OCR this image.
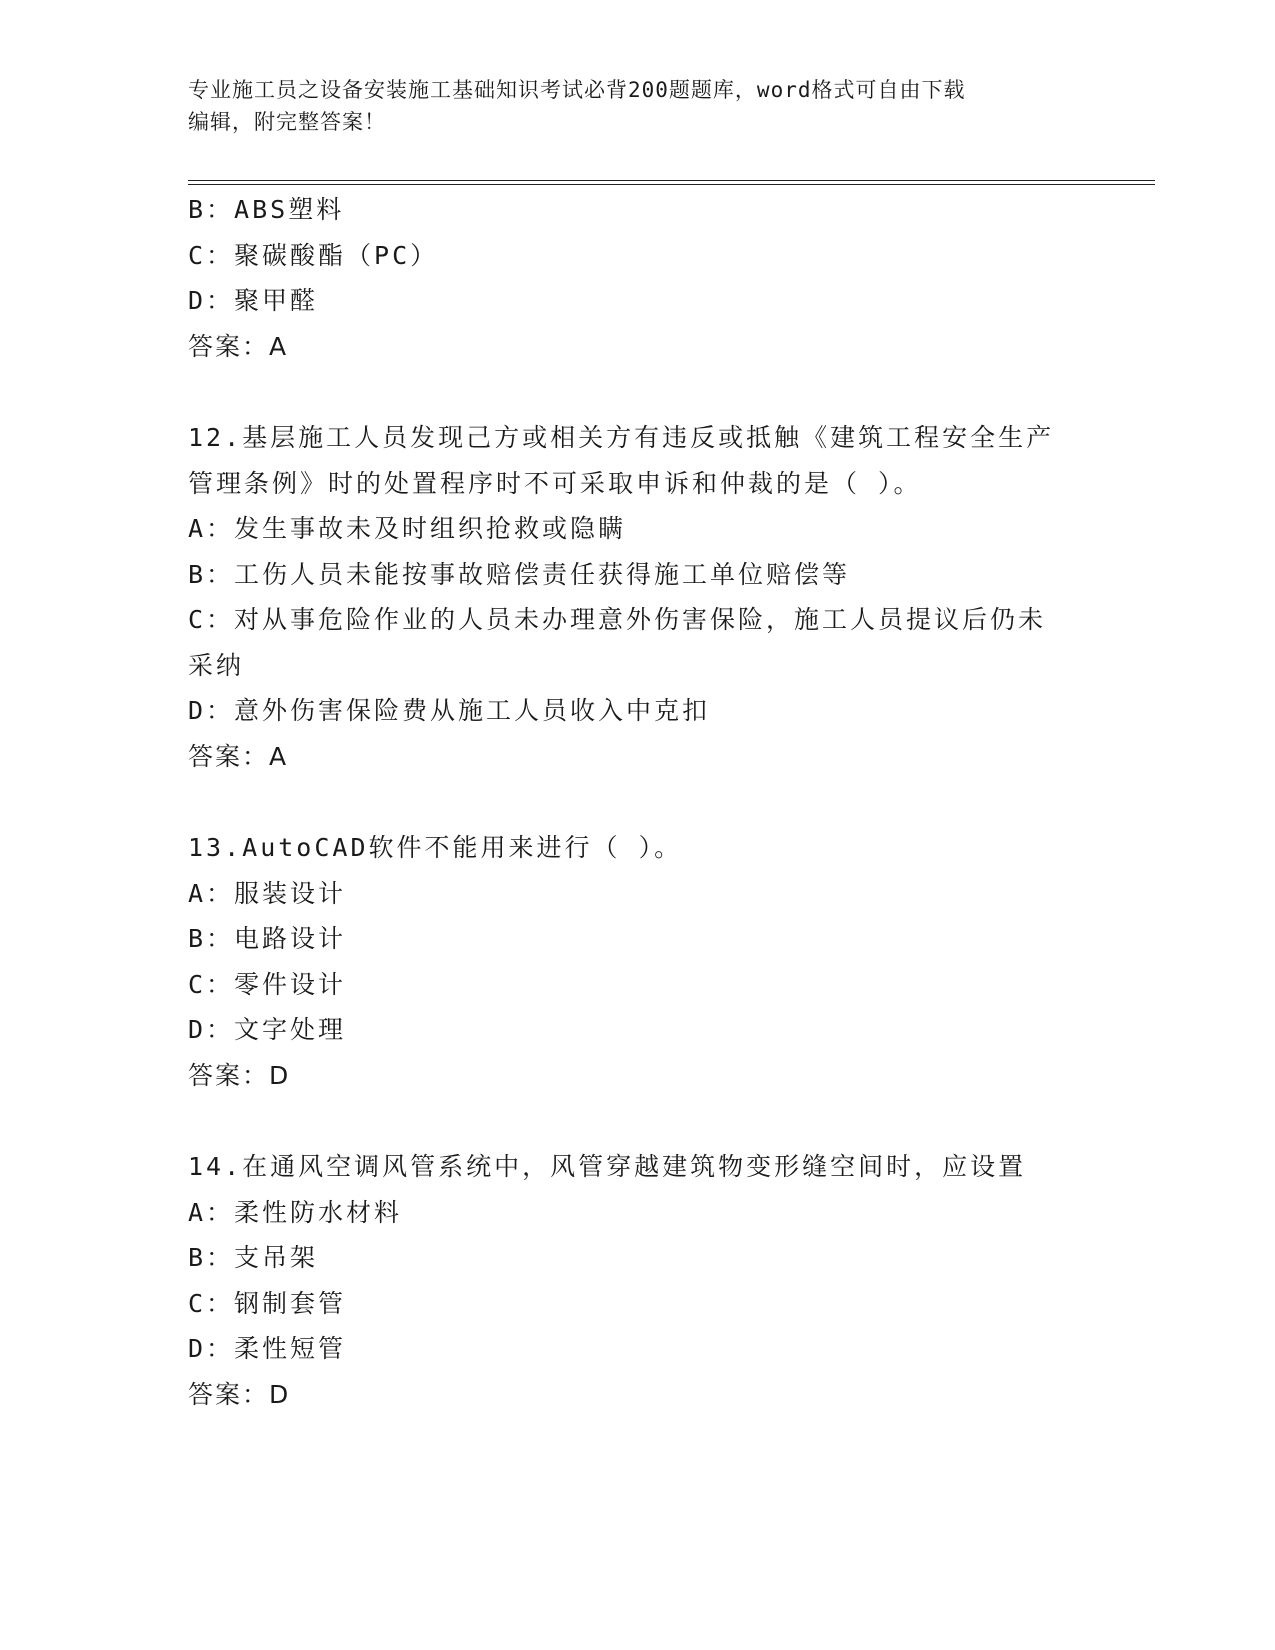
专业施工员之设备安装施工基础知识考试必背200题题库，word格式可自由下载
编辑，附完整答案！
B：ABS塑料
C：聚碳酸酯（PC）
D：聚甲醛
答案：A
12.基层施工人员发现己方或相关方有违反或抵触《建筑工程安全生产
管理条例》时的处置程序时不可采取申诉和仲裁的是（ ）。
A：发生事故未及时组织抢救或隐瞒
B：工伤人员未能按事故赔偿责任获得施工单位赔偿等
C：对从事危险作业的人员未办理意外伤害保险，施工人员提议后仍未
采纳
D：意外伤害保险费从施工人员收入中克扣
答案：A
13.AutoCAD软件不能用来进行（ ）。
A：服装设计
B：电路设计
C：零件设计
D：文字处理
答案：D
14.在通风空调风管系统中，风管穿越建筑物变形缝空间时，应设置
A：柔性防水材料
B：支吊架
C：钢制套管
D：柔性短管
答案：D
